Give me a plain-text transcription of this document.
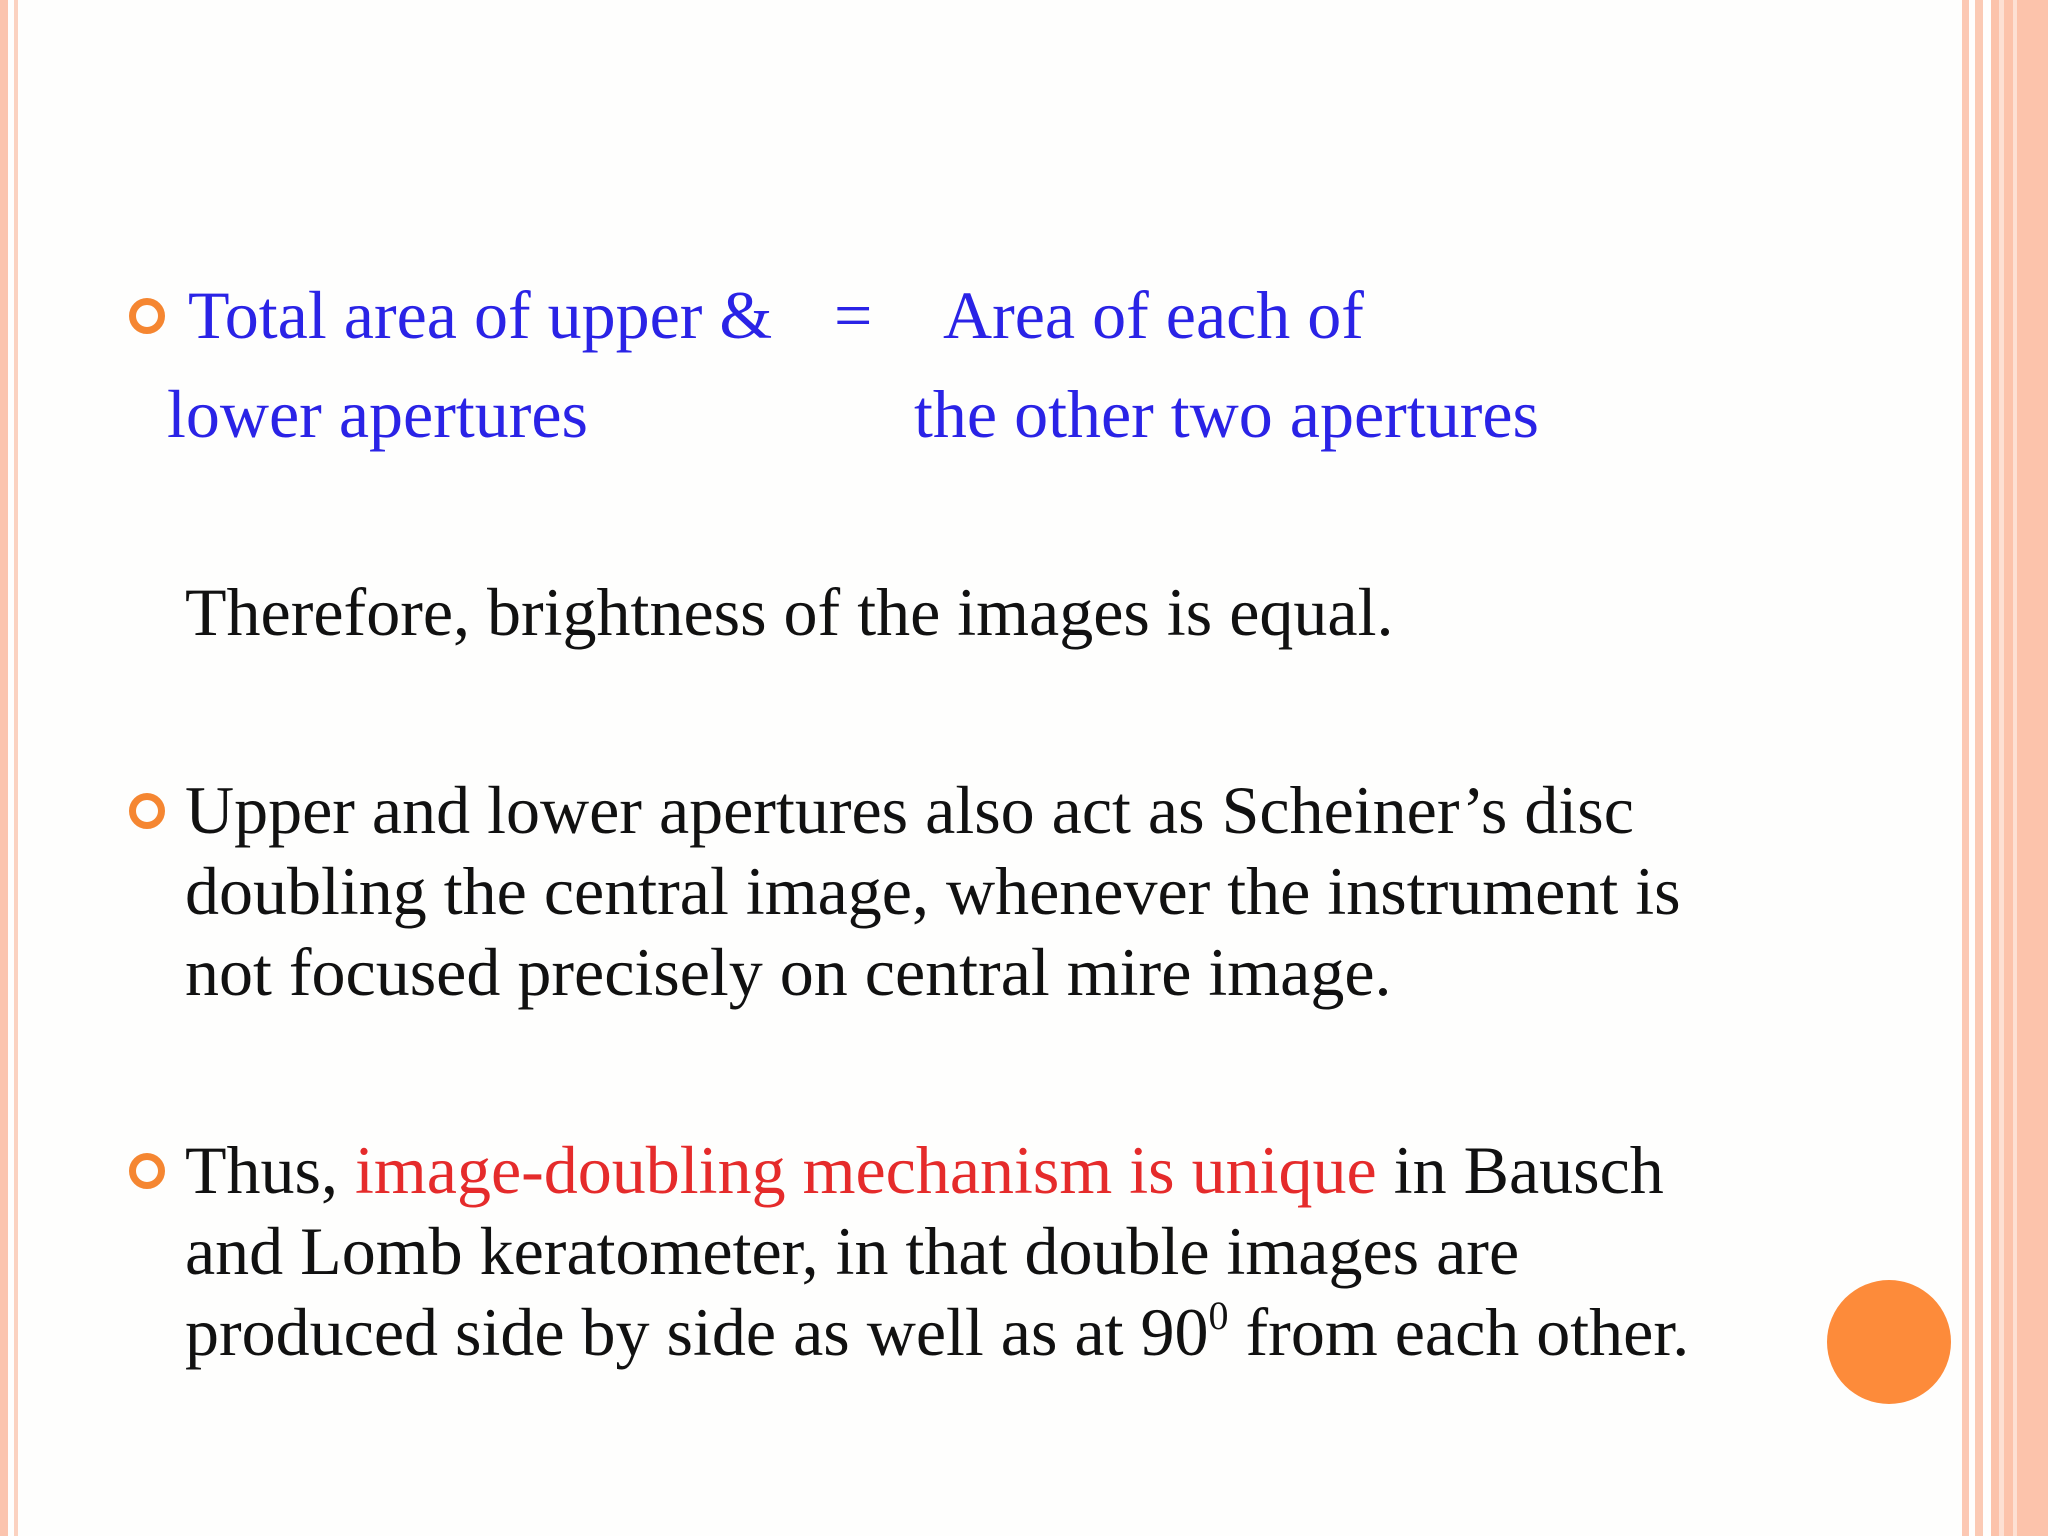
Total area of upper & = Area of each of
lower apertures	the other two apertures
Therefore, brightness of the images is equal.
Upper and lower apertures also act as Scheiner’s disc
doubling the central image, whenever the instrument is
not focused precisely on central mire image.
Thus, image-doubling mechanism is unique in Bausch
and Lomb keratometer, in that double images are
produced side by side as well as at $90^0$ from each other.
